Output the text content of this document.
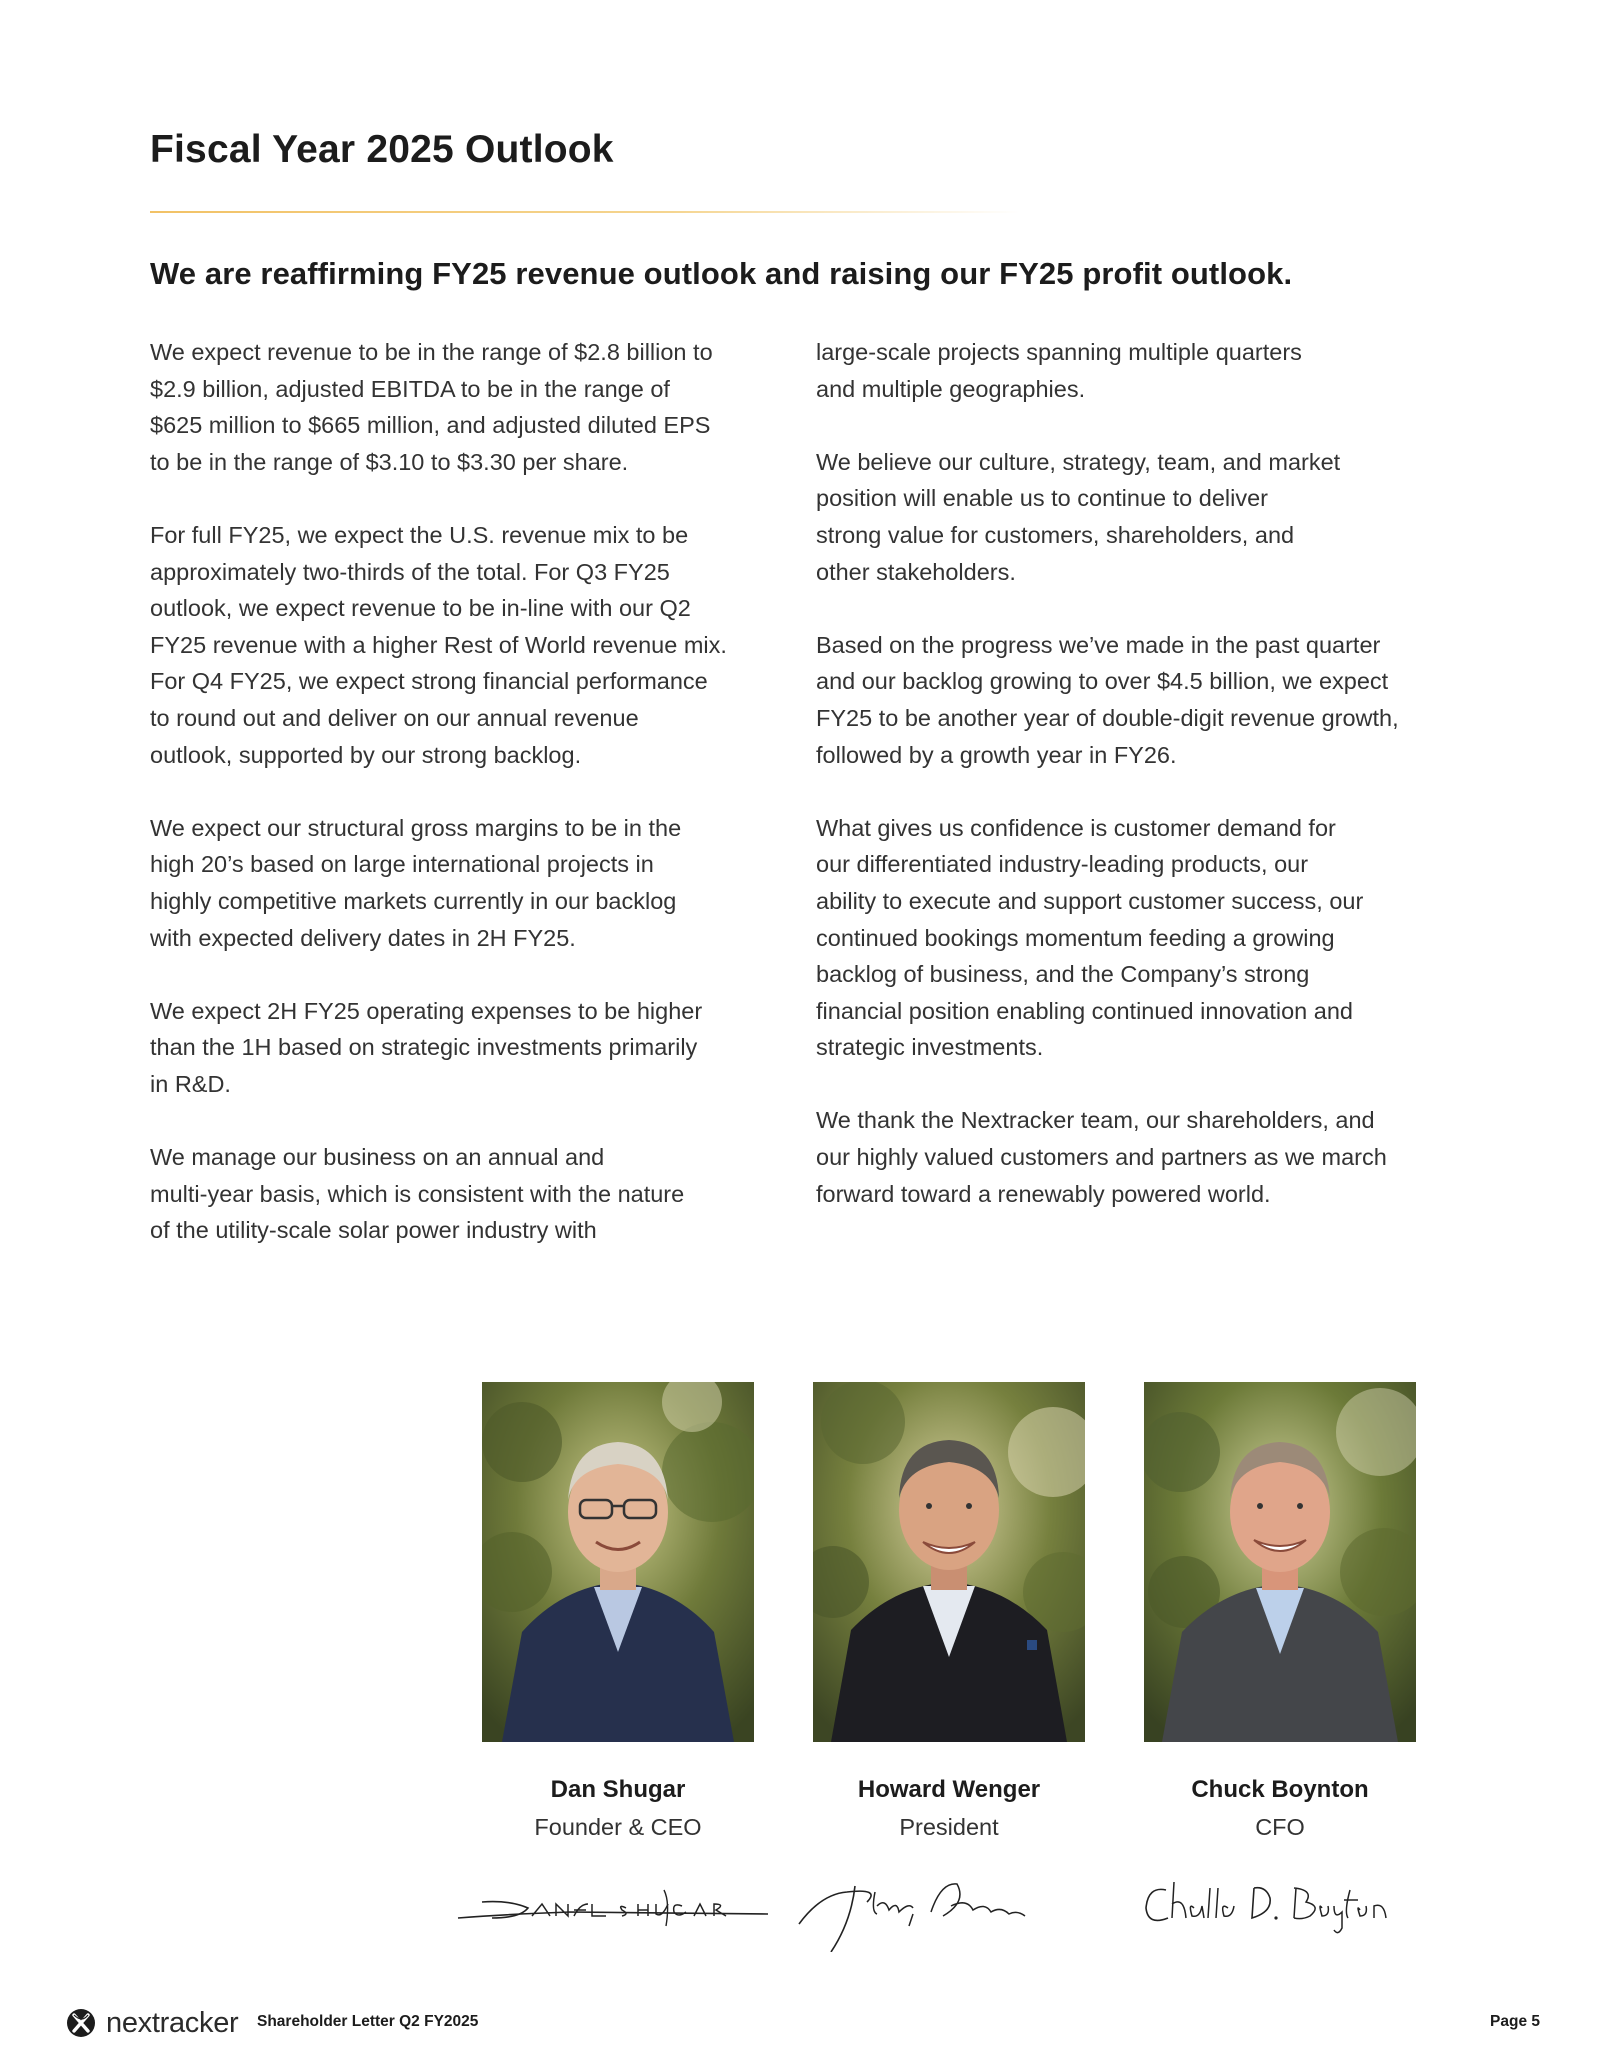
Fiscal Year 2025 Outlook
We are reaffirming FY25 revenue outlook and raising our FY25 profit outlook.

We expect revenue to be in the range of $2.8 billion to
$2.9 billion, adjusted EBITDA to be in the range of
$625 million to $665 million, and adjusted diluted EPS
to be in the range of $3.10 to $3.30 per share.

For full FY25, we expect the U.S. revenue mix to be
approximately two-thirds of the total. For Q3 FY25
outlook, we expect revenue to be in-line with our Q2
FY25 revenue with a higher Rest of World revenue mix.
For Q4 FY25, we expect strong financial performance
to round out and deliver on our annual revenue
outlook, supported by our strong backlog.

We expect our structural gross margins to be in the
high 20’s based on large international projects in
highly competitive markets currently in our backlog
with expected delivery dates in 2H FY25.

We expect 2H FY25 operating expenses to be higher
than the 1H based on strategic investments primarily
in R&D.

We manage our business on an annual and
multi-year basis, which is consistent with the nature
of the utility-scale solar power industry with

large-scale projects spanning multiple quarters
and multiple geographies.

We believe our culture, strategy, team, and market
position will enable us to continue to deliver
strong value for customers, shareholders, and
other stakeholders.

Based on the progress we’ve made in the past quarter
and our backlog growing to over $4.5 billion, we expect
FY25 to be another year of double-digit revenue growth,
followed by a growth year in FY26.

What gives us confidence is customer demand for
our differentiated industry-leading products, our
ability to execute and support customer success, our
continued bookings momentum feeding a growing
backlog of business, and the Company’s strong
financial position enabling continued innovation and
strategic investments.

We thank the Nextracker team, our shareholders, and
our highly valued customers and partners as we march
forward toward a renewably powered world.

Dan Shugar
Founder & CEO
Howard Wenger
President
Chuck Boynton
CFO
nextracker Shareholder Letter Q2 FY2025	Page 5
